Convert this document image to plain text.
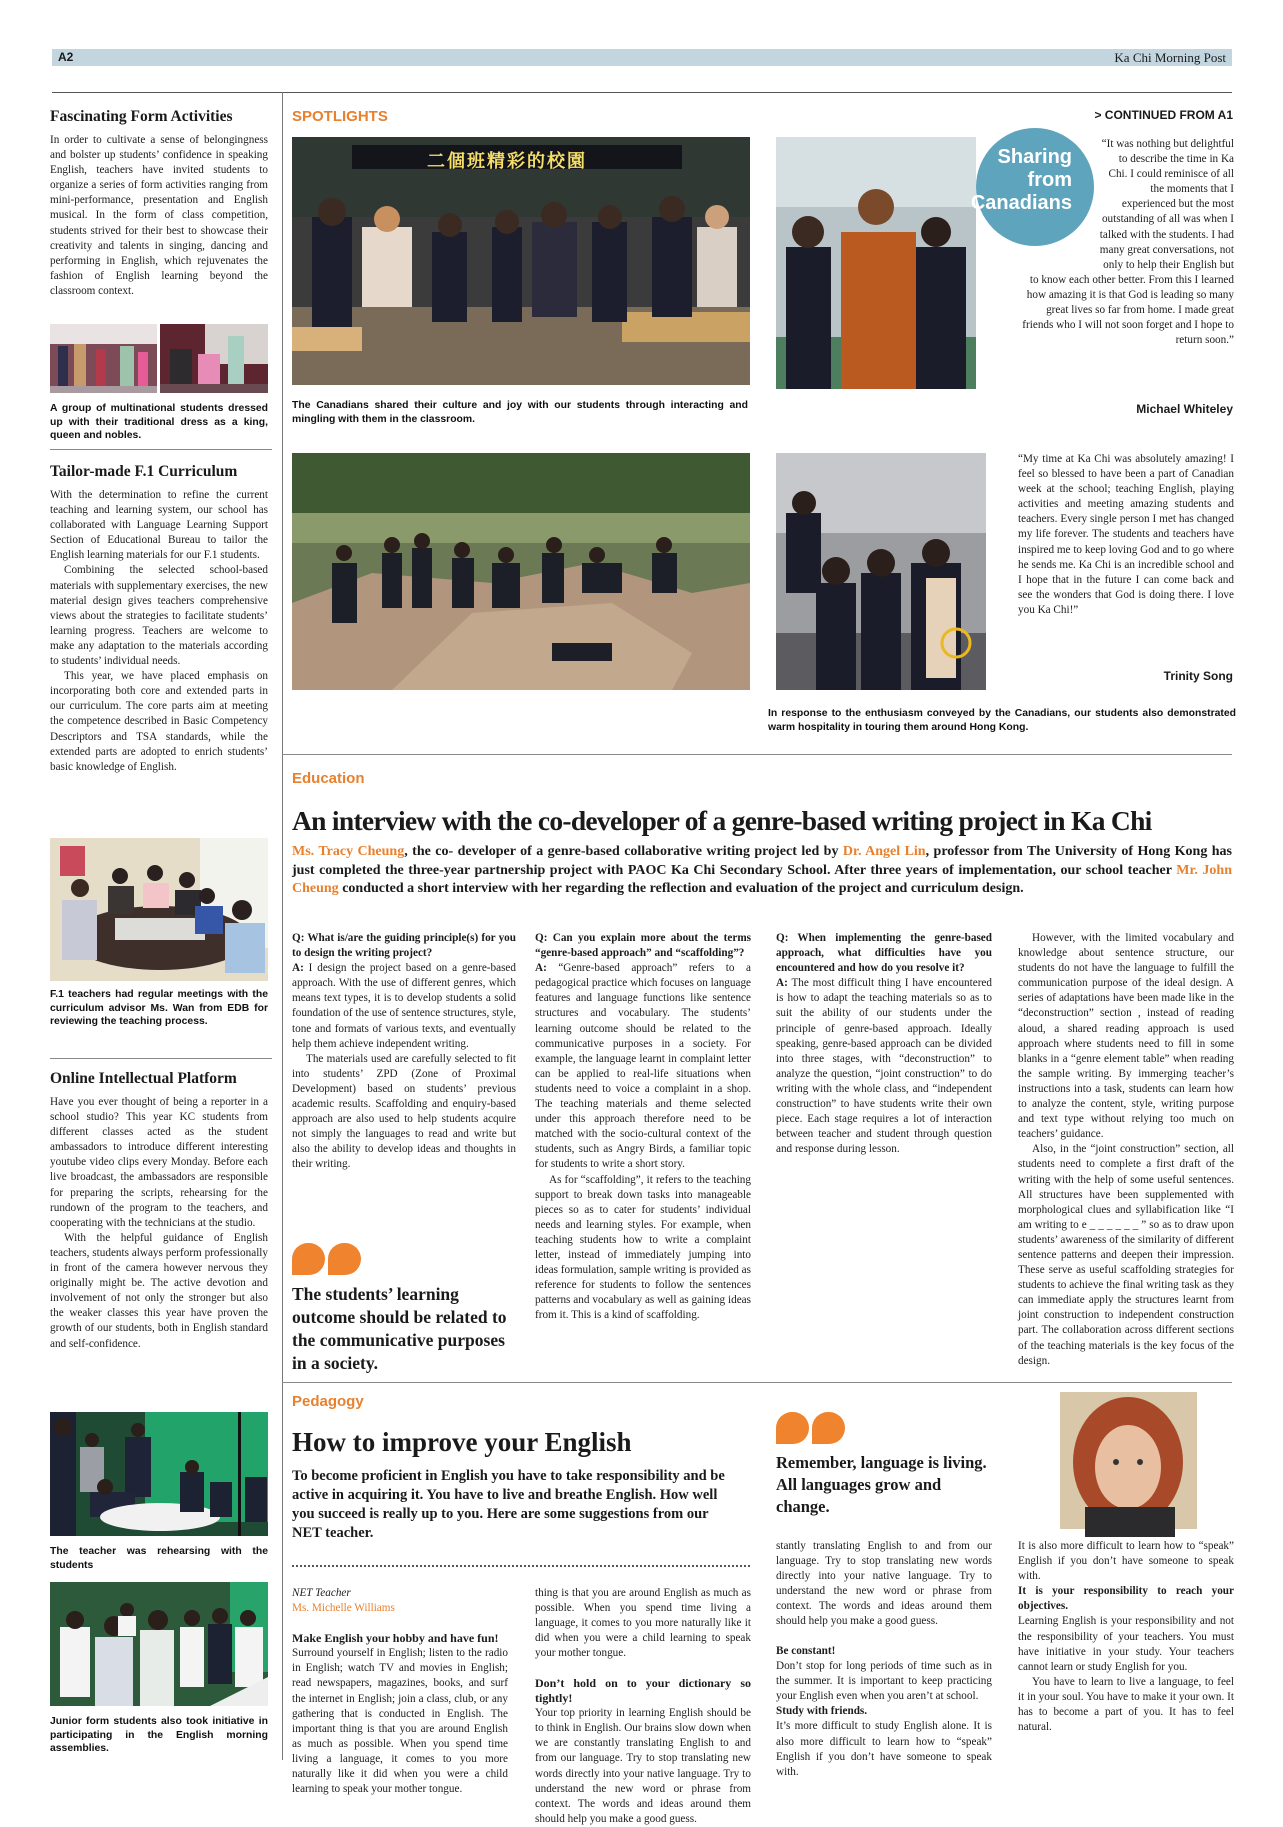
A2	Ka Chi Morning Post
Fascinating Form Activities
In order to cultivate a sense of belongingness and bolster up students’ confidence in speaking English, teachers have invited students to organize a series of form activities ranging from mini-performance, presentation and English musical. In the form of class competition, students strived for their best to showcase their creativity and talents in singing, dancing and performing in English, which rejuvenates the fashion of English learning beyond the classroom context.
A group of multinational students dressed up with their traditional dress as a king, queen and nobles.
Tailor-made F.1 Curriculum

With the determination to refine the current teaching and learning system, our school has collaborated with Language Learning Support Section of Educational Bureau to tailor the English learning materials for our F.1 students.

Combining the selected school-based materials with supplementary exercises, the new material design gives teachers comprehensive views about the strategies to facilitate students’ learning progress. Teachers are welcome to make any adaptation to the materials according to students’ individual needs.

This year, we have placed emphasis on incorporating both core and extended parts in our curriculum. The core parts aim at meeting the competence described in Basic Competency Descriptors and TSA standards, while the extended parts are adopted to enrich students’ basic knowledge of English.

F.1 teachers had regular meetings with the curriculum advisor Ms. Wan from EDB for reviewing the teaching process.
Online Intellectual Platform

Have you ever thought of being a reporter in a school studio? This year KC students from different classes acted as the student ambassadors to introduce different interesting youtube video clips every Monday. Before each live broadcast, the ambassadors are responsible for preparing the scripts, rehearsing for the rundown of the program to the teachers, and cooperating with the technicians at the studio.

With the helpful guidance of English teachers, students always perform professionally in front of the camera however nervous they originally might be. The active devotion and involvement of not only the stronger but also the weaker classes this year have proven the growth of our students, both in English standard and self-confidence.

The teacher was rehearsing with the students
Junior form students also took initiative in participating in the English morning assemblies.
SPOTLIGHTS	> CONTINUED FROM A1
二個班精彩的校園
The Canadians shared their culture and joy with our students through interacting and mingling with them in the classroom.
Sharing
from
Canadians
“It was nothing but delightful to describe the time in Ka Chi. I could reminisce of all the moments that I experienced but the most outstanding of all was when I talked with the students. I had many great conversations, not only to help their English but to know each other better. From this I learned how amazing it is that God is leading so many great lives so far from home. I made great friends who I will not soon forget and I hope to return soon.”
Michael Whiteley
“My time at Ka Chi was absolutely amazing! I feel so blessed to have been a part of Canadian week at the school; teaching English, playing activities and meeting amazing students and teachers. Every single person I met has changed my life forever. The students and teachers have inspired me to keep loving God and to go where he sends me. Ka Chi is an incredible school and I hope that in the future I can come back and see the wonders that God is doing there. I love you Ka Chi!”
Trinity Song
In response to the enthusiasm conveyed by the Canadians, our students also demonstrated warm hospitality in touring them around Hong Kong.
Education
An interview with the co-developer of a genre-based writing project in Ka Chi
Ms. Tracy Cheung, the co- developer of a genre-based collaborative writing project led by Dr. Angel Lin, professor from The University of Hong Kong has just completed the three-year partnership project with PAOC Ka Chi Secondary School. After three years of implementation, our school teacher Mr. John Cheung conducted a short interview with her regarding the reflection and evaluation of the project and curriculum design.

Q: What is/are the guiding principle(s) for you to design the writing project?

A: I design the project based on a genre-based approach. With the use of different genres, which means text types, it is to develop students a solid foundation of the use of sentence structures, style, tone and formats of various texts, and eventually help them achieve independent writing.

The materials used are carefully selected to fit into students’ ZPD (Zone of Proximal Development) based on students’ previous academic results. Scaffolding and enquiry-based approach are also used to help students acquire not simply the languages to read and write but also the ability to develop ideas and thoughts in their writing.

The students’ learning outcome should be related to the communicative purposes in a society.

Q: Can you explain more about the terms “genre-based approach” and “scaffolding”?

A: “Genre-based approach” refers to a pedagogical practice which focuses on language features and language functions like sentence structures and vocabulary. The students’ learning outcome should be related to the communicative purposes in a society. For example, the language learnt in complaint letter can be applied to real-life situations when students need to voice a complaint in a shop. The teaching materials and theme selected under this approach therefore need to be matched with the socio-cultural context of the students, such as Angry Birds, a familiar topic for students to write a short story.

As for “scaffolding”, it refers to the teaching support to break down tasks into manageable pieces so as to cater for students’ individual needs and learning styles. For example, when teaching students how to write a complaint letter, instead of immediately jumping into ideas formulation, sample writing is provided as reference for students to follow the sentences patterns and vocabulary as well as gaining ideas from it. This is a kind of scaffolding.

Q: When implementing the genre-based approach, what difficulties have you encountered and how do you resolve it?

A: The most difficult thing I have encountered is how to adapt the teaching materials so as to suit the ability of our students under the principle of genre-based approach. Ideally speaking, genre-based approach can be divided into three stages, with “deconstruction” to analyze the question, “joint construction” to do writing with the whole class, and “independent construction” to have students write their own piece. Each stage requires a lot of interaction between teacher and student through question and response during lesson.

However, with the limited vocabulary and knowledge about sentence structure, our students do not have the language to fulfill the communication purpose of the ideal design. A series of adaptations have been made like in the “deconstruction” section , instead of reading aloud, a shared reading approach is used approach where students need to fill in some blanks in a “genre element table” when reading the sample writing. By immerging teacher’s instructions into a task, students can learn how to analyze the content, style, writing purpose and text type without relying too much on teachers’ guidance.

Also, in the “joint construction” section, all students need to complete a first draft of the writing with the help of some useful sentences. All structures have been supplemented with morphological clues and syllabification like “I am writing to e _ _ _ _ _ _ ” so as to draw upon students’ awareness of the similarity of different sentence patterns and deepen their impression. These serve as useful scaffolding strategies for students to achieve the final writing task as they can immediate apply the structures learnt from joint construction to independent construction part. The collaboration across different sections of the teaching materials is the key focus of the design.

Pedagogy
How to improve your English
To become proficient in English you have to take responsibility and be active in acquiring it. You have to live and breathe English. How well you succeed is really up to you. Here are some suggestions from our NET teacher.

NET Teacher

Ms. Michelle Williams

Make English your hobby and have fun!

Surround yourself in English; listen to the radio in English; watch TV and movies in English; read newspapers, magazines, books, and surf the internet in English; join a class, club, or any gathering that is conducted in English. The important thing is that you are around English as much as possible. When you spend time living a language, it comes to you more naturally like it did when you were a child learning to speak your mother tongue.

thing is that you are around English as much as possible. When you spend time living a language, it comes to you more naturally like it did when you were a child learning to speak your mother tongue.

Don’t hold on to your dictionary so tightly!

Your top priority in learning English should be to think in English. Our brains slow down when we are constantly translating English to and from our language. Try to stop translating new words directly into your native language. Try to understand the new word or phrase from context. The words and ideas around them should help you make a good guess.

Remember, language is living. All languages grow and change.

stantly translating English to and from our language. Try to stop translating new words directly into your native language. Try to understand the new word or phrase from context. The words and ideas around them should help you make a good guess.

Be constant!

Don’t stop for long periods of time such as in the summer. It is important to keep practicing your English even when you aren’t at school.

Study with friends.

It’s more difficult to study English alone. It is also more difficult to learn how to “speak” English if you don’t have someone to speak with.

It is also more difficult to learn how to “speak” English if you don’t have someone to speak with.

It is your responsibility to reach your objectives.

Learning English is your responsibility and not the responsibility of your teachers. You must have initiative in your study. Your teachers cannot learn or study English for you.

You have to learn to live a language, to feel it in your soul. You have to make it your own. It has to become a part of you. It has to feel natural.
